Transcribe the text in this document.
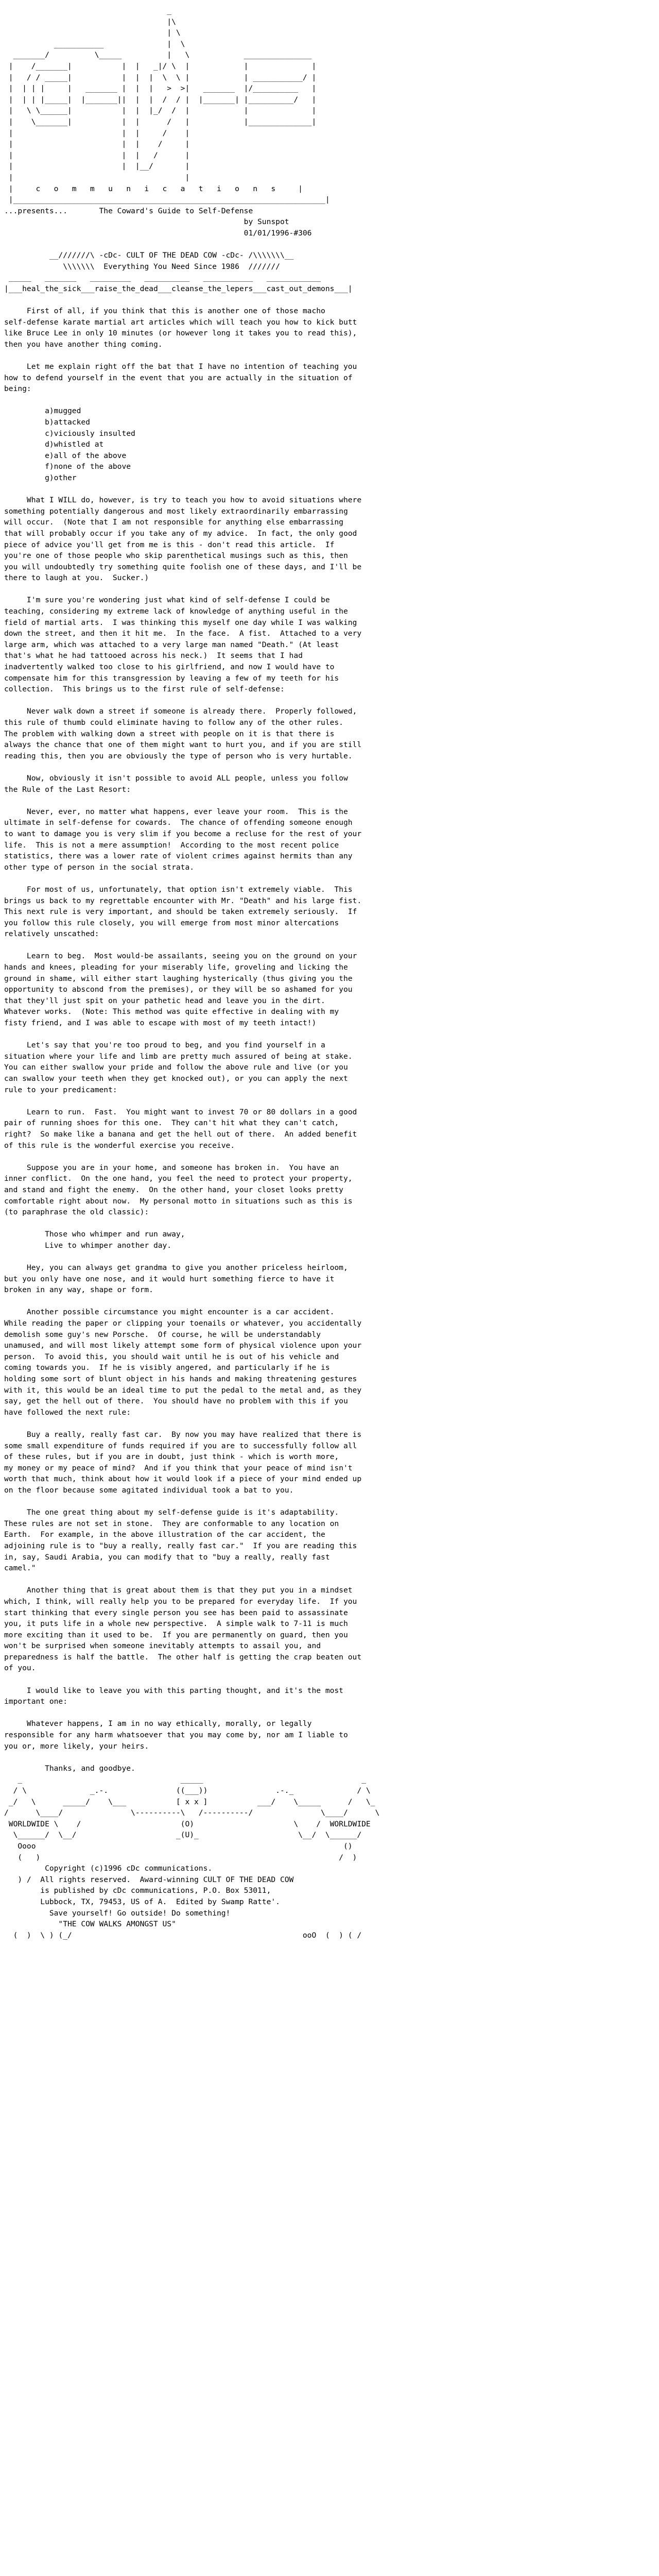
_
|\
| \
___________              |  \
_______/          \_____          |   \            _______________
|    /_______|           |  |   _|/ \  |            |              |
|   / / _____|           |  |  |  \  \ |            | ___________/ |
|  | | |     |   _______ |  |  |   >  >|   _______  |/__________   |
|  | | |_____|  |_______||  |  |  /  / |  |_______| |__________/   |
|   \ \______|           |  |  |_/  /  |            |              |
|    \_______|           |  |      /   |            |______________|
|                        |  |     /    |
|                        |  |    /     |
|                        |  |   /      |
|                        |  |__/       |
|                                      |
|     c   o   m   m   u   n   i   c   a   t   i   o   n   s     |
|_____________________________________________________________________|
...presents...       The Coward's Guide to Self-Defense
by Sunspot
01/01/1996-#306

__///////\ -cDc- CULT OF THE DEAD COW -cDc- /\\\\\\\__
\\\\\\\  Everything You Need Since 1986  ///////
_____   _______   _________   __________   ___________   ____________
|___heal_the_sick___raise_the_dead___cleanse_the_lepers___cast_out_demons___|

First of all, if you think that this is another one of those macho
self-defense karate martial art articles which will teach you how to kick butt
like Bruce Lee in only 10 minutes (or however long it takes you to read this),
then you have another thing coming.

Let me explain right off the bat that I have no intention of teaching you
how to defend yourself in the event that you are actually in the situation of
being:

a)mugged
b)attacked
c)viciously insulted
d)whistled at
e)all of the above
f)none of the above
g)other

What I WILL do, however, is try to teach you how to avoid situations where
something potentially dangerous and most likely extraordinarily embarrassing
will occur.  (Note that I am not responsible for anything else embarrassing
that will probably occur if you take any of my advice.  In fact, the only good
piece of advice you'll get from me is this - don't read this article.  If
you're one of those people who skip parenthetical musings such as this, then
you will undoubtedly try something quite foolish one of these days, and I'll be
there to laugh at you.  Sucker.)

I'm sure you're wondering just what kind of self-defense I could be
teaching, considering my extreme lack of knowledge of anything useful in the
field of martial arts.  I was thinking this myself one day while I was walking
down the street, and then it hit me.  In the face.  A fist.  Attached to a very
large arm, which was attached to a very large man named "Death." (At least
that's what he had tattooed across his neck.)  It seems that I had
inadvertently walked too close to his girlfriend, and now I would have to
compensate him for this transgression by leaving a few of my teeth for his
collection.  This brings us to the first rule of self-defense:

Never walk down a street if someone is already there.  Properly followed,
this rule of thumb could eliminate having to follow any of the other rules.
The problem with walking down a street with people on it is that there is
always the chance that one of them might want to hurt you, and if you are still
reading this, then you are obviously the type of person who is very hurtable.

Now, obviously it isn't possible to avoid ALL people, unless you follow
the Rule of the Last Resort:

Never, ever, no matter what happens, ever leave your room.  This is the
ultimate in self-defense for cowards.  The chance of offending someone enough
to want to damage you is very slim if you become a recluse for the rest of your
life.  This is not a mere assumption!  According to the most recent police
statistics, there was a lower rate of violent crimes against hermits than any
other type of person in the social strata.

For most of us, unfortunately, that option isn't extremely viable.  This
brings us back to my regrettable encounter with Mr. "Death" and his large fist.
This next rule is very important, and should be taken extremely seriously.  If
you follow this rule closely, you will emerge from most minor altercations
relatively unscathed:

Learn to beg.  Most would-be assailants, seeing you on the ground on your
hands and knees, pleading for your miserably life, groveling and licking the
ground in shame, will either start laughing hysterically (thus giving you the
opportunity to abscond from the premises), or they will be so ashamed for you
that they'll just spit on your pathetic head and leave you in the dirt.
Whatever works.  (Note: This method was quite effective in dealing with my
fisty friend, and I was able to escape with most of my teeth intact!)

Let's say that you're too proud to beg, and you find yourself in a
situation where your life and limb are pretty much assured of being at stake.
You can either swallow your pride and follow the above rule and live (or you
can swallow your teeth when they get knocked out), or you can apply the next
rule to your predicament:

Learn to run.  Fast.  You might want to invest 70 or 80 dollars in a good
pair of running shoes for this one.  They can't hit what they can't catch,
right?  So make like a banana and get the hell out of there.  An added benefit
of this rule is the wonderful exercise you receive.

Suppose you are in your home, and someone has broken in.  You have an
inner conflict.  On the one hand, you feel the need to protect your property,
and stand and fight the enemy.  On the other hand, your closet looks pretty
comfortable right about now.  My personal motto in situations such as this is
(to paraphrase the old classic):

Those who whimper and run away,
Live to whimper another day.

Hey, you can always get grandma to give you another priceless heirloom,
but you only have one nose, and it would hurt something fierce to have it
broken in any way, shape or form.

Another possible circumstance you might encounter is a car accident.
While reading the paper or clipping your toenails or whatever, you accidentally
demolish some guy's new Porsche.  Of course, he will be understandably
unamused, and will most likely attempt some form of physical violence upon your
person.  To avoid this, you should wait until he is out of his vehicle and
coming towards you.  If he is visibly angered, and particularly if he is
holding some sort of blunt object in his hands and making threatening gestures
with it, this would be an ideal time to put the pedal to the metal and, as they
say, get the hell out of there.  You should have no problem with this if you
have followed the next rule:

Buy a really, really fast car.  By now you may have realized that there is
some small expenditure of funds required if you are to successfully follow all
of these rules, but if you are in doubt, just think - which is worth more,
my money or my peace of mind?  And if you think that your peace of mind isn't
worth that much, think about how it would look if a piece of your mind ended up
on the floor because some agitated individual took a bat to you.

The one great thing about my self-defense guide is it's adaptability.
These rules are not set in stone.  They are conformable to any location on
Earth.  For example, in the above illustration of the car accident, the
adjoining rule is to "buy a really, really fast car."  If you are reading this
in, say, Saudi Arabia, you can modify that to "buy a really, really fast
camel."

Another thing that is great about them is that they put you in a mindset
which, I think, will really help you to be prepared for everyday life.  If you
start thinking that every single person you see has been paid to assassinate
you, it puts life in a whole new perspective.  A simple walk to 7-11 is much
more exciting than it used to be.  If you are permanently on guard, then you
won't be surprised when someone inevitably attempts to assail you, and
preparedness is half the battle.  The other half is getting the crap beaten out
of you.

I would like to leave you with this parting thought, and it's the most
important one:

Whatever happens, I am in no way ethically, morally, or legally
responsible for any harm whatsoever that you may come by, nor am I liable to
you or, more likely, your heirs.

Thanks, and goodbye.
_                                   _____                                   _
/ \              _.-.               ((___))               .-._              / \
_/   \      _____/    \___           [ x x ]           ___/    \_____      /   \_
/      \____/               \----------\   /----------/               \____/      \
WORLDWIDE \    /                      (O)                      \    /  WORLDWIDE
\______/  \__/                      _(U)_                      \__/  \______/
Oooo                                                                    ()
(   )                                                                  /  )
Copyright (c)1996 cDc communications.
) /  All rights reserved.  Award-winning CULT OF THE DEAD COW
is published by cDc communications, P.O. Box 53011,
Lubbock, TX, 79453, US of A.  Edited by Swamp Ratte'.
Save yourself! Go outside! Do something!
"THE COW WALKS AMONGST US"
(  )  \ ) (_/                                                   ooO  (  ) ( /
